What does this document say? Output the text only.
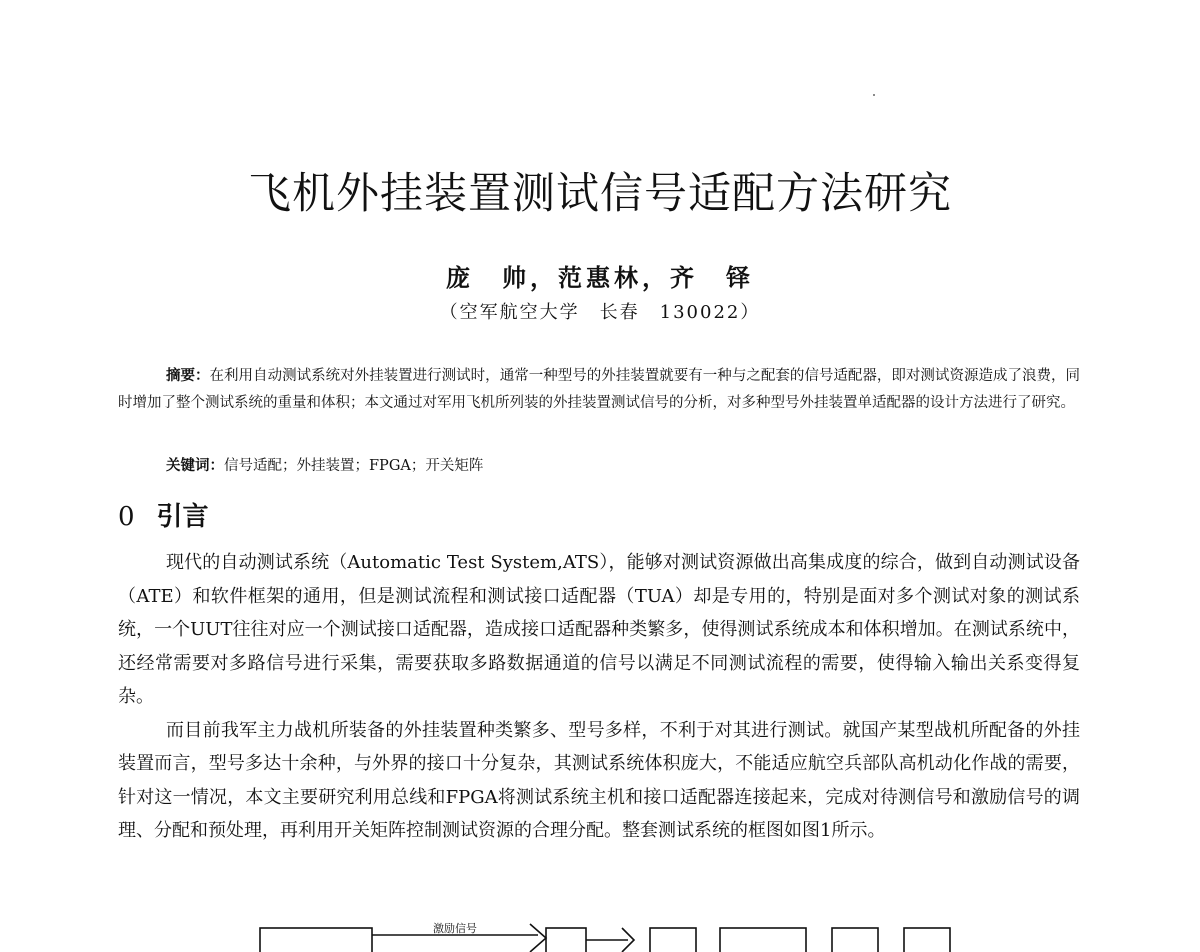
飞机外挂装置测试信号适配方法研究
庞　帅，范惠林，齐　铎
（空军航空大学　长春　130022）
摘要：在利用自动测试系统对外挂装置进行测试时，通常一种型号的外挂装置就要有一种与之配套的信号适配器，即对测试资源造成了浪费，同时增加了整个测试系统的重量和体积；本文通过对军用飞机所列装的外挂装置测试信号的分析，对多种型号外挂装置单适配器的设计方法进行了研究。
关键词：信号适配；外挂装置；FPGA；开关矩阵
0 引言

现代的自动测试系统（Automatic Test System,ATS），能够对测试资源做出高集成度的综合，做到自动测试设备（ATE）和软件框架的通用，但是测试流程和测试接口适配器（TUA）却是专用的，特别是面对多个测试对象的测试系统，一个UUT往往对应一个测试接口适配器，造成接口适配器种类繁多，使得测试系统成本和体积增加。在测试系统中，还经常需要对多路信号进行采集，需要获取多路数据通道的信号以满足不同测试流程的需要，使得输入输出关系变得复杂。

而目前我军主力战机所装备的外挂装置种类繁多、型号多样，不利于对其进行测试。就国产某型战机所配备的外挂装置而言，型号多达十余种，与外界的接口十分复杂，其测试系统体积庞大，不能适应航空兵部队高机动化作战的需要，针对这一情况，本文主要研究利用总线和FPGA将测试系统主机和接口适配器连接起来，完成对待测信号和激励信号的调理、分配和预处理，再利用开关矩阵控制测试资源的合理分配。整套测试系统的框图如图1所示。

激励信号
